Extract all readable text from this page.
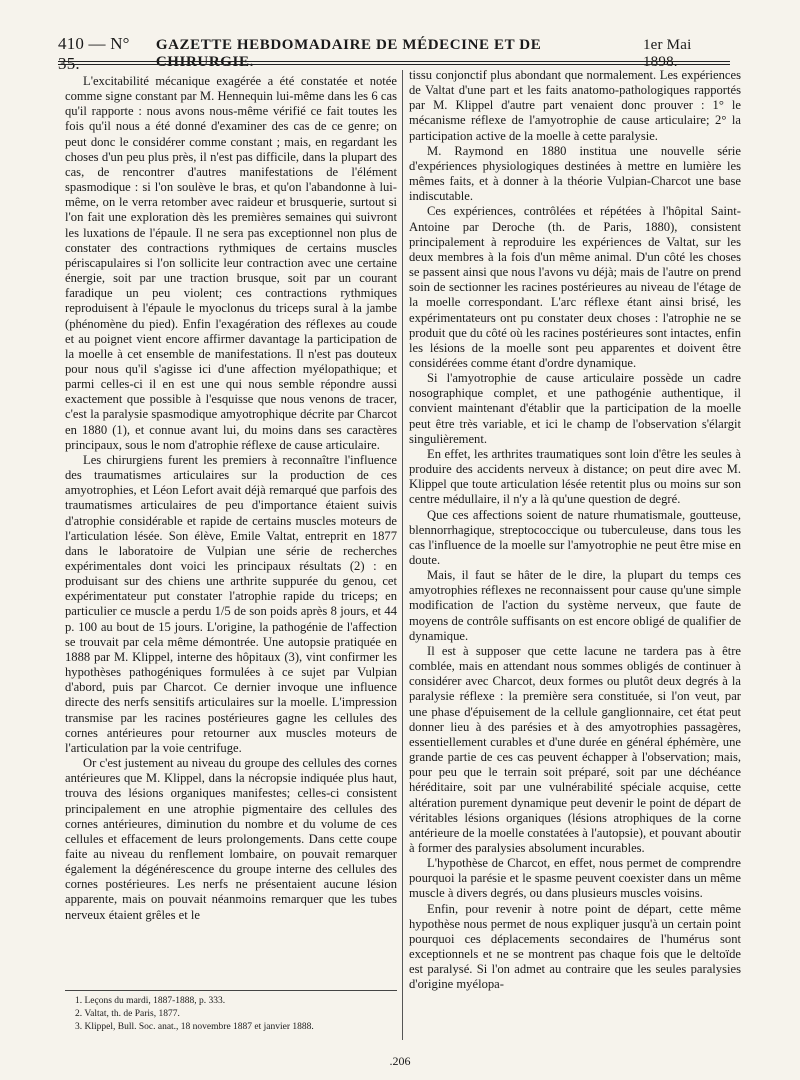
410 — N° 35.
GAZETTE HEBDOMADAIRE DE MÉDECINE ET DE CHIRURGIE.
1er Mai 1898.

L'excitabilité mécanique exagérée a été constatée et notée comme signe constant par M. Hennequin lui-même dans les 6 cas qu'il rapporte : nous avons nous-même vérifié ce fait toutes les fois qu'il nous a été donné d'examiner des cas de ce genre; on peut donc le considérer comme constant ; mais, en regardant les choses d'un peu plus près, il n'est pas difficile, dans la plupart des cas, de rencontrer d'autres manifestations de l'élément spasmodique : si l'on soulève le bras, et qu'on l'abandonne à lui-même, on le verra retomber avec raideur et brusquerie, surtout si l'on fait une exploration dès les premières semaines qui suivront les luxations de l'épaule. Il ne sera pas exceptionnel non plus de constater des contractions rythmiques de certains muscles périscapulaires si l'on sollicite leur contraction avec une certaine énergie, soit par une traction brusque, soit par un courant faradique un peu violent; ces contractions rythmiques reproduisent à l'épaule le myoclonus du triceps sural à la jambe (phénomène du pied). Enfin l'exagération des réflexes au coude et au poignet vient encore affirmer davantage la participation de la moelle à cet ensemble de manifestations. Il n'est pas douteux pour nous qu'il s'agisse ici d'une affection myélopathique; et parmi celles-ci il en est une qui nous semble répondre aussi exactement que possible à l'esquisse que nous venons de tracer, c'est la paralysie spasmodique amyotrophique décrite par Charcot en 1880 (1), et connue avant lui, du moins dans ses caractères principaux, sous le nom d'atrophie réflexe de cause articulaire.

Les chirurgiens furent les premiers à reconnaître l'influence des traumatismes articulaires sur la production de ces amyotrophies, et Léon Lefort avait déjà remarqué que parfois des traumatismes articulaires de peu d'importance étaient suivis d'atrophie considérable et rapide de certains muscles moteurs de l'articulation lésée. Son élève, Emile Valtat, entreprit en 1877 dans le laboratoire de Vulpian une série de recherches expérimentales dont voici les principaux résultats (2) : en produisant sur des chiens une arthrite suppurée du genou, cet expérimentateur put constater l'atrophie rapide du triceps; en particulier ce muscle a perdu 1/5 de son poids après 8 jours, et 44 p. 100 au bout de 15 jours. L'origine, la pathogénie de l'affection se trouvait par cela même démontrée. Une autopsie pratiquée en 1888 par M. Klippel, interne des hôpitaux (3), vint confirmer les hypothèses pathogéniques formulées à ce sujet par Vulpian d'abord, puis par Charcot. Ce dernier invoque une influence directe des nerfs sensitifs articulaires sur la moelle. L'impression transmise par les racines postérieures gagne les cellules des cornes antérieures pour retourner aux muscles moteurs de l'articulation par la voie centrifuge.

Or c'est justement au niveau du groupe des cellules des cornes antérieures que M. Klippel, dans la nécropsie indiquée plus haut, trouva des lésions organiques manifestes; celles-ci consistent principalement en une atrophie pigmentaire des cellules des cornes antérieures, diminution du nombre et du volume de ces cellules et effacement de leurs prolongements. Dans cette coupe faite au niveau du renflement lombaire, on pouvait remarquer également la dégénérescence du groupe interne des cellules des cornes postérieures. Les nerfs ne présentaient aucune lésion apparente, mais on pouvait néanmoins remarquer que les tubes nerveux étaient grêles et le

tissu conjonctif plus abondant que normalement. Les expériences de Valtat d'une part et les faits anatomo-pathologiques rapportés par M. Klippel d'autre part venaient donc prouver : 1° le mécanisme réflexe de l'amyotrophie de cause articulaire; 2° la participation active de la moelle à cette paralysie.

M. Raymond en 1880 institua une nouvelle série d'expériences physiologiques destinées à mettre en lumière les mêmes faits, et à donner à la théorie Vulpian-Charcot une base indiscutable.

Ces expériences, contrôlées et répétées à l'hôpital Saint-Antoine par Deroche (th. de Paris, 1880), consistent principalement à reproduire les expériences de Valtat, sur les deux membres à la fois d'un même animal. D'un côté les choses se passent ainsi que nous l'avons vu déjà; mais de l'autre on prend soin de sectionner les racines postérieures au niveau de l'étage de la moelle correspondant. L'arc réflexe étant ainsi brisé, les expérimentateurs ont pu constater deux choses : l'atrophie ne se produit que du côté où les racines postérieures sont intactes, enfin les lésions de la moelle sont peu apparentes et doivent être considérées comme étant d'ordre dynamique.

Si l'amyotrophie de cause articulaire possède un cadre nosographique complet, et une pathogénie authentique, il convient maintenant d'établir que la participation de la moelle peut être très variable, et ici le champ de l'observation s'élargit singulièrement.

En effet, les arthrites traumatiques sont loin d'être les seules à produire des accidents nerveux à distance; on peut dire avec M. Klippel que toute articulation lésée retentit plus ou moins sur son centre médullaire, il n'y a là qu'une question de degré.

Que ces affections soient de nature rhumatismale, goutteuse, blennorrhagique, streptococcique ou tuberculeuse, dans tous les cas l'influence de la moelle sur l'amyotrophie ne peut être mise en doute.

Mais, il faut se hâter de le dire, la plupart du temps ces amyotrophies réflexes ne reconnaissent pour cause qu'une simple modification de l'action du système nerveux, que faute de moyens de contrôle suffisants on est encore obligé de qualifier de dynamique.

Il est à supposer que cette lacune ne tardera pas à être comblée, mais en attendant nous sommes obligés de continuer à considérer avec Charcot, deux formes ou plutôt deux degrés à la paralysie réflexe : la première sera constituée, si l'on veut, par une phase d'épuisement de la cellule ganglionnaire, cet état peut donner lieu à des parésies et à des amyotrophies passagères, essentiellement curables et d'une durée en général éphémère, une grande partie de ces cas peuvent échapper à l'observation; mais, pour peu que le terrain soit préparé, soit par une déchéance héréditaire, soit par une vulnérabilité spéciale acquise, cette altération purement dynamique peut devenir le point de départ de véritables lésions organiques (lésions atrophiques de la corne antérieure de la moelle constatées à l'autopsie), et pouvant aboutir à former des paralysies absolument incurables.

L'hypothèse de Charcot, en effet, nous permet de comprendre pourquoi la parésie et le spasme peuvent coexister dans un même muscle à divers degrés, ou dans plusieurs muscles voisins.

Enfin, pour revenir à notre point de départ, cette même hypothèse nous permet de nous expliquer jusqu'à un certain point pourquoi ces déplacements secondaires de l'humérus sont exceptionnels et ne se montrent pas chaque fois que le deltoïde est paralysé. Si l'on admet au contraire que les seules paralysies d'origine myélopa-

1. Leçons du mardi, 1887-1888, p. 333.
2. Valtat, th. de Paris, 1877.
3. Klippel, Bull. Soc. anat., 18 novembre 1887 et janvier 1888.
.206
